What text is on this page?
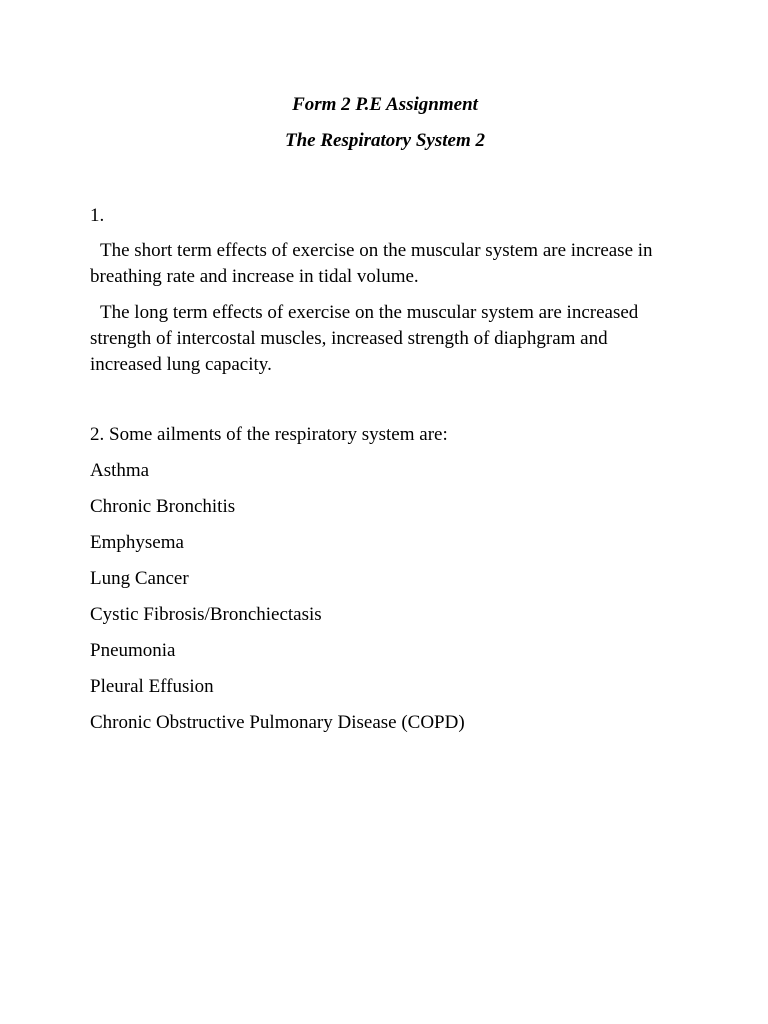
Form 2 P.E Assignment

The Respiratory System 2

1.

The short term effects of exercise on the muscular system are increase in breathing rate and increase in tidal volume.

The long term effects of exercise on the muscular system are increased strength of intercostal muscles, increased strength of diaphgram and increased lung capacity.

2. Some ailments of the respiratory system are:

Asthma
Chronic Bronchitis
Emphysema
Lung Cancer
Cystic Fibrosis/Bronchiectasis
Pneumonia
Pleural Effusion
Chronic Obstructive Pulmonary Disease (COPD)
